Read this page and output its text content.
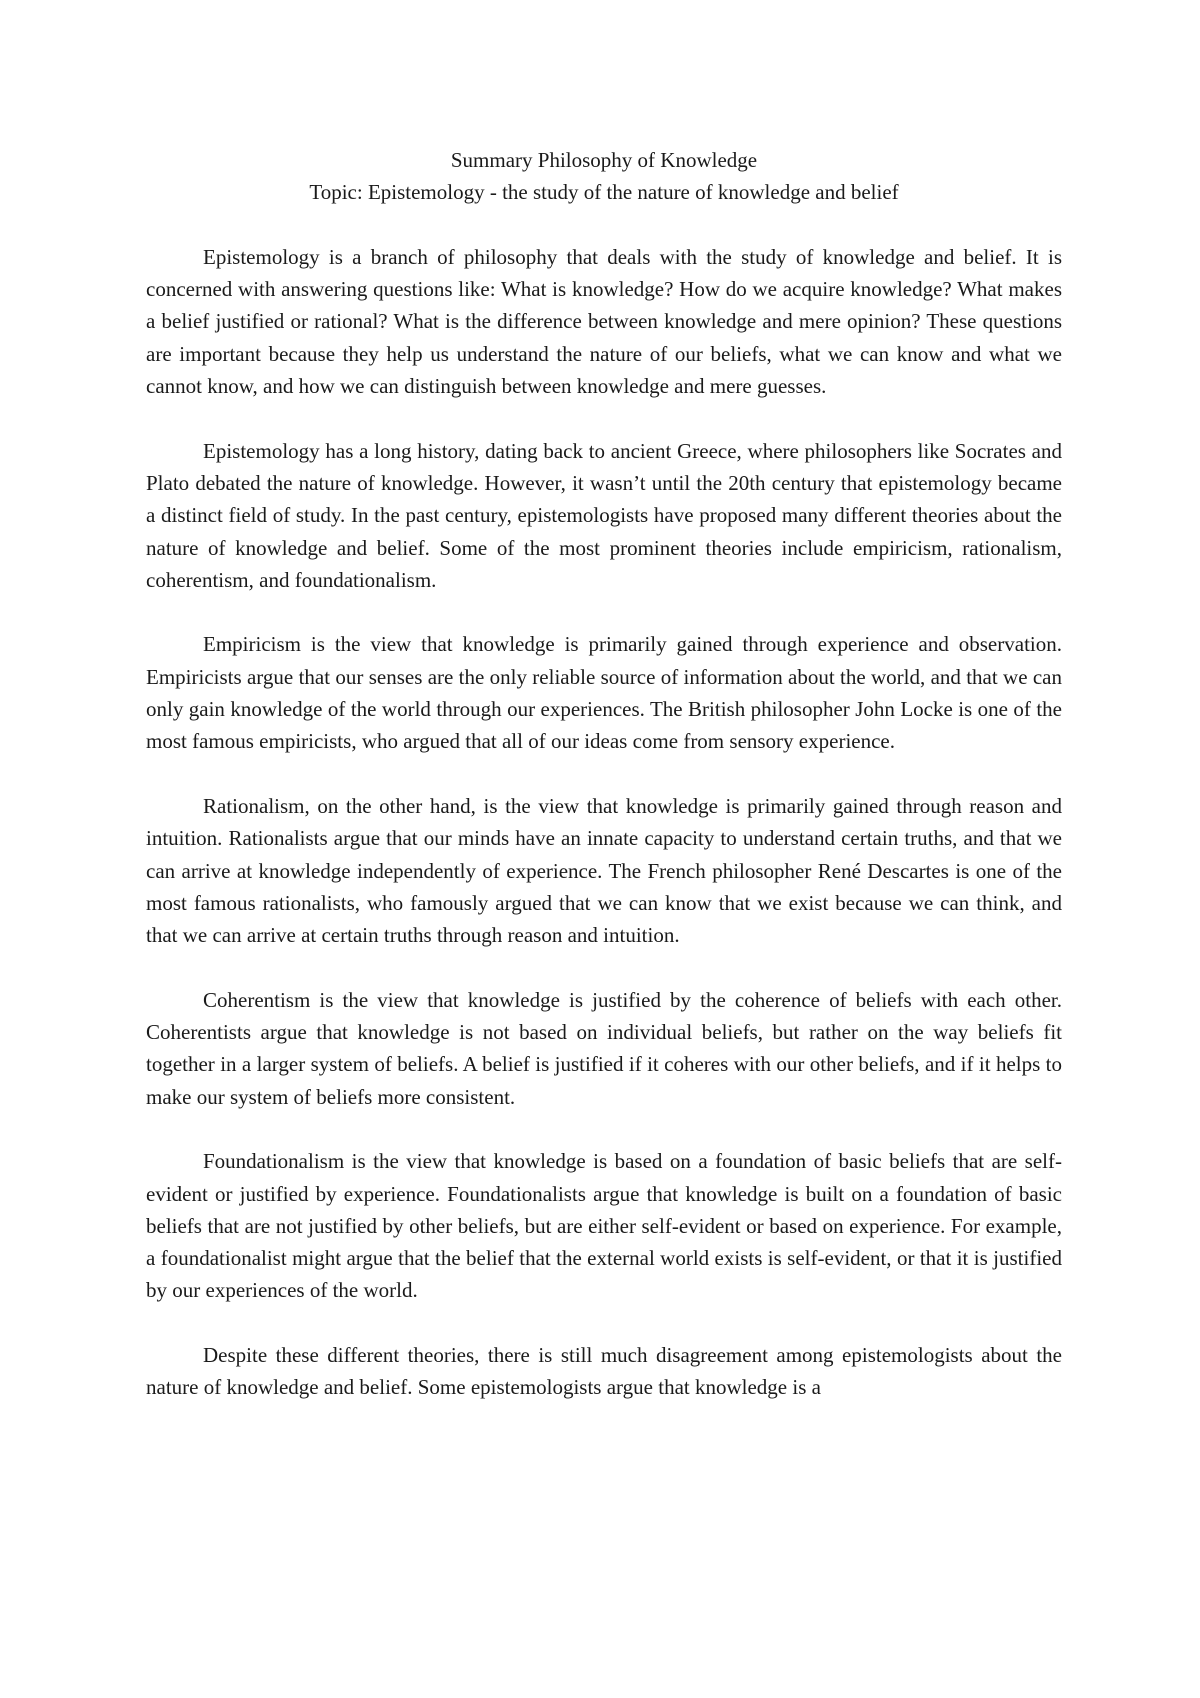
Summary Philosophy of Knowledge

Topic: Epistemology - the study of the nature of knowledge and belief

Epistemology is a branch of philosophy that deals with the study of knowledge and belief. It is concerned with answering questions like: What is knowledge? How do we acquire knowledge? What makes a belief justified or rational? What is the difference between knowledge and mere opinion? These questions are important because they help us understand the nature of our beliefs, what we can know and what we cannot know, and how we can distinguish between knowledge and mere guesses.

Epistemology has a long history, dating back to ancient Greece, where philosophers like Socrates and Plato debated the nature of knowledge. However, it wasn’t until the 20th century that epistemology became a distinct field of study. In the past century, epistemologists have proposed many different theories about the nature of knowledge and belief. Some of the most prominent theories include empiricism, rationalism, coherentism, and foundationalism.

Empiricism is the view that knowledge is primarily gained through experience and observation. Empiricists argue that our senses are the only reliable source of information about the world, and that we can only gain knowledge of the world through our experiences. The British philosopher John Locke is one of the most famous empiricists, who argued that all of our ideas come from sensory experience.

Rationalism, on the other hand, is the view that knowledge is primarily gained through reason and intuition. Rationalists argue that our minds have an innate capacity to understand certain truths, and that we can arrive at knowledge independently of experience. The French philosopher René Descartes is one of the most famous rationalists, who famously argued that we can know that we exist because we can think, and that we can arrive at certain truths through reason and intuition.

Coherentism is the view that knowledge is justified by the coherence of beliefs with each other. Coherentists argue that knowledge is not based on individual beliefs, but rather on the way beliefs fit together in a larger system of beliefs. A belief is justified if it coheres with our other beliefs, and if it helps to make our system of beliefs more consistent.

Foundationalism is the view that knowledge is based on a foundation of basic beliefs that are self-evident or justified by experience. Foundationalists argue that knowledge is built on a foundation of basic beliefs that are not justified by other beliefs, but are either self-evident or based on experience. For example, a foundationalist might argue that the belief that the external world exists is self-evident, or that it is justified by our experiences of the world.

Despite these different theories, there is still much disagreement among epistemologists about the nature of knowledge and belief. Some epistemologists argue that knowledge is a
